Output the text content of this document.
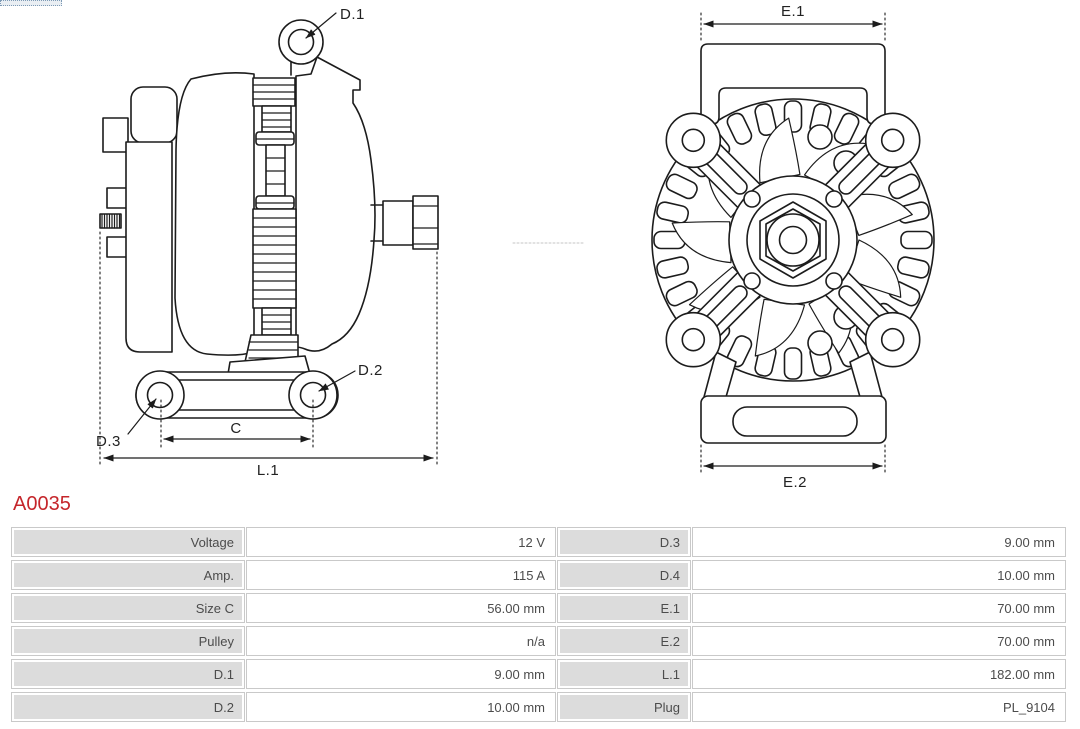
D.1
D.2
D.3
C
L.1
E.1
E.2
A0035
Voltage	12 V	D.3	9.00 mm
Amp.	115 A	D.4	10.00 mm
Size C	56.00 mm	E.1	70.00 mm
Pulley	n/a	E.2	70.00 mm
D.1	9.00 mm	L.1	182.00 mm
D.2	10.00 mm	Plug	PL_9104
